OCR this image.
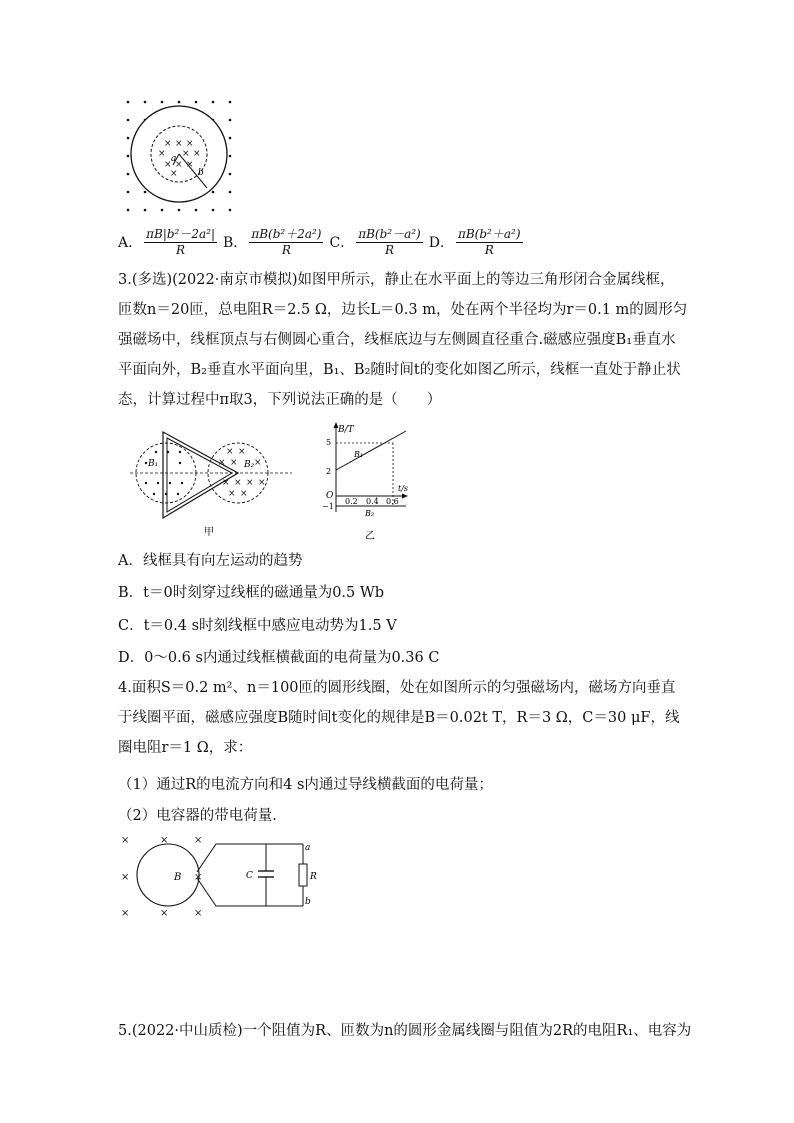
× × ×
× × ×
× × ×
×
a
b
A． $\frac{\text{πB|b²－2a²|}}{R}$ B． $\frac{\text{πB(b²＋2a²)}}{R}$ C． $\frac{\text{πB(b²－a²)}}{R}$ D． $\frac{\text{πB(b²＋a²)}}{R}$
3.(多选)(2022·南京市模拟)如图甲所示，静止在水平面上的等边三角形闭合金属线框，匝数n＝20匝，总电阻R＝2.5 Ω，边长L＝0.3 m，处在两个半径均为r＝0.1 m的圆形匀强磁场中，线框顶点与右侧圆心重合，线框底边与左侧圆直径重合.磁感应强度B₁垂直水平面向外，B₂垂直水平面向里，B₁、B₂随时间t的变化如图乙所示，线框一直处于静止状态，计算过程中π取3，下列说法正确的是（　　）
× ×
× × ×
× × × ×
× ×
B₁	B₂
甲
B/T
t/s
O
5
2
−1
0.2 0.4 0.6
B₁
B₂
乙
A．线框具有向左运动的趋势
B．t＝0时刻穿过线框的磁通量为0.5 Wb
C．t＝0.4 s时刻线框中感应电动势为1.5 V
D．0～0.6 s内通过线框横截面的电荷量为0.36 C
4.面积S＝0.2 m²、n＝100匝的圆形线圈，处在如图所示的匀强磁场内，磁场方向垂直于线圈平面，磁感应强度B随时间t变化的规律是B＝0.02t T，R＝3 Ω，C＝30 μF，线圈电阻r＝1 Ω，求：
（1）通过R的电流方向和4 s内通过导线横截面的电荷量；
（2）电容器的带电荷量.
×	×	×
×	×
×	×	×
B	C	R
a
b
5.(2022·中山质检)一个阻值为R、匝数为n的圆形金属线圈与阻值为2R的电阻R₁、电容为
